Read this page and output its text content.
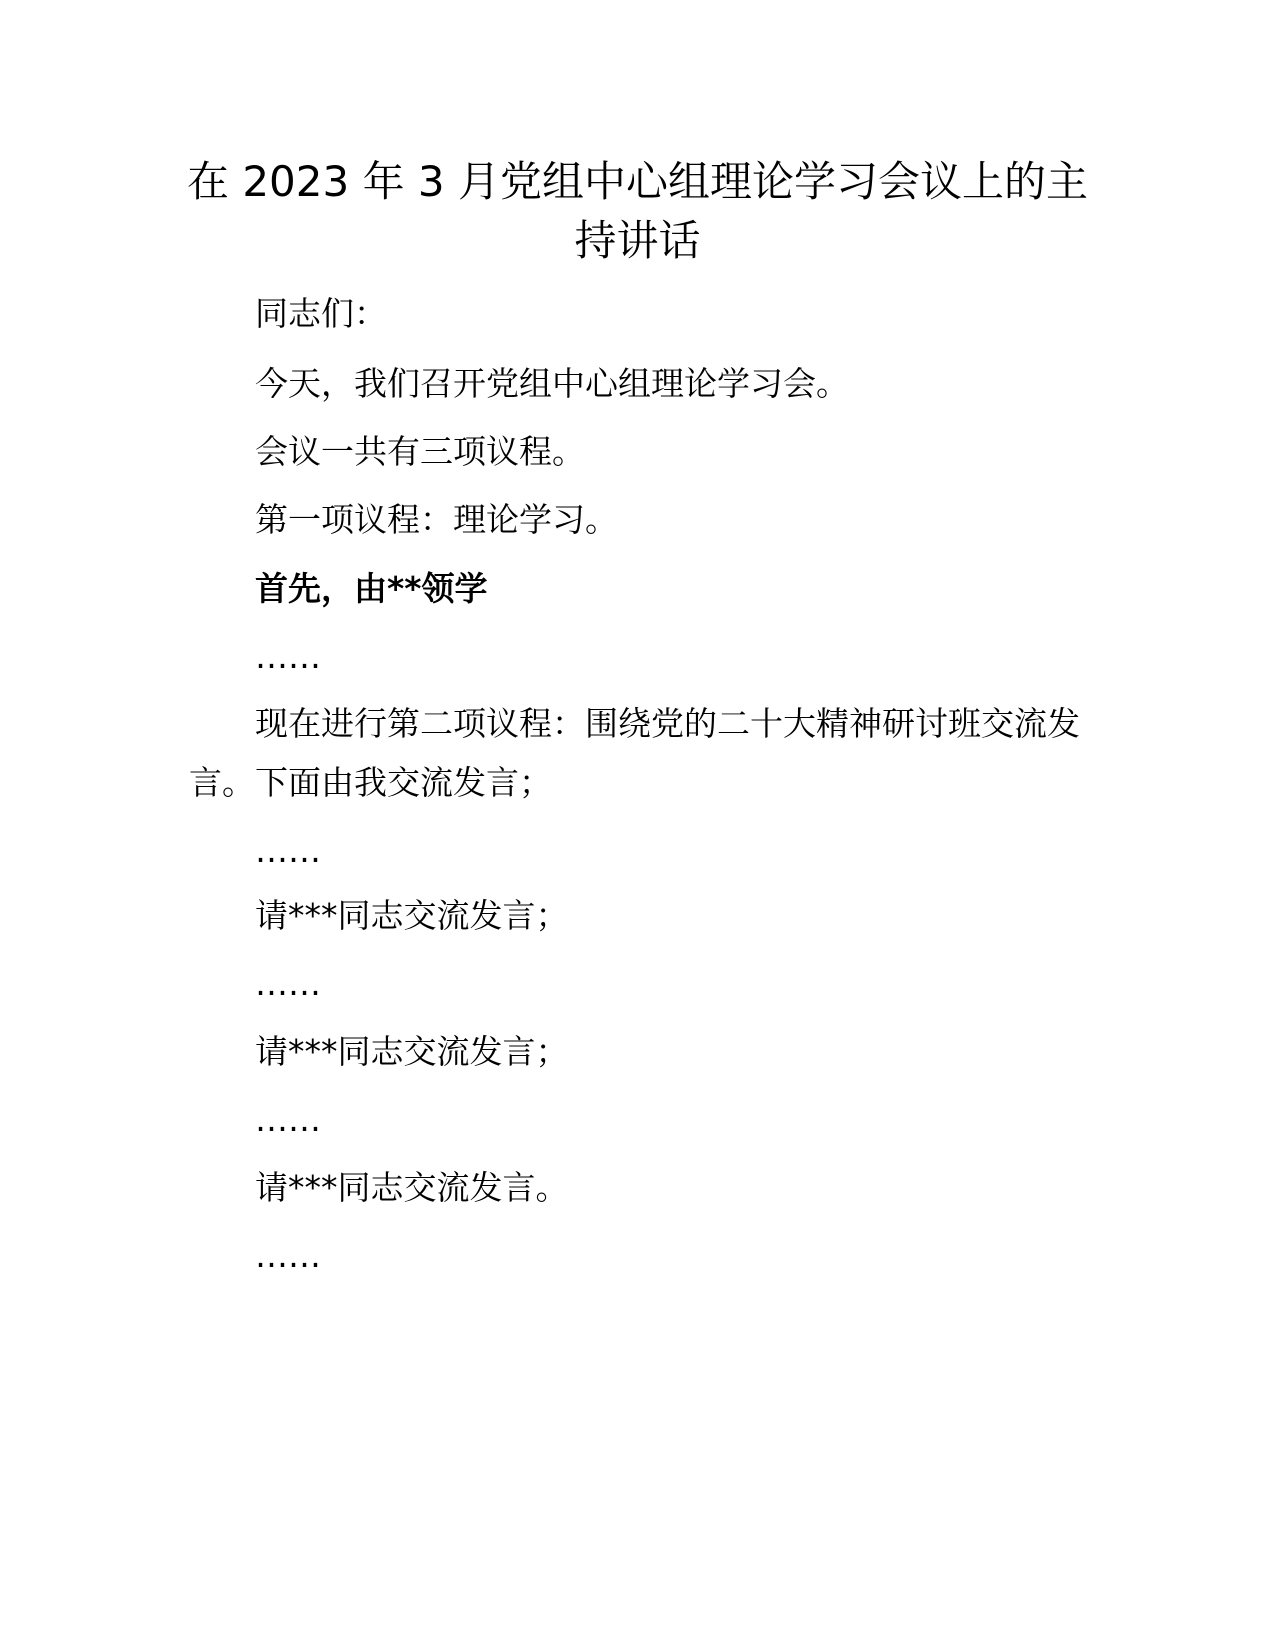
在 2023 年 3 月党组中心组理论学习会议上的主
持讲话

同志们：

今天，我们召开党组中心组理论学习会。

会议一共有三项议程。

第一项议程：理论学习。

首先，由**领学

……

现在进行第二项议程：围绕党的二十大精神研讨班交流发

言。下面由我交流发言；

……

请***同志交流发言；

……

请***同志交流发言；

……

请***同志交流发言。

……
